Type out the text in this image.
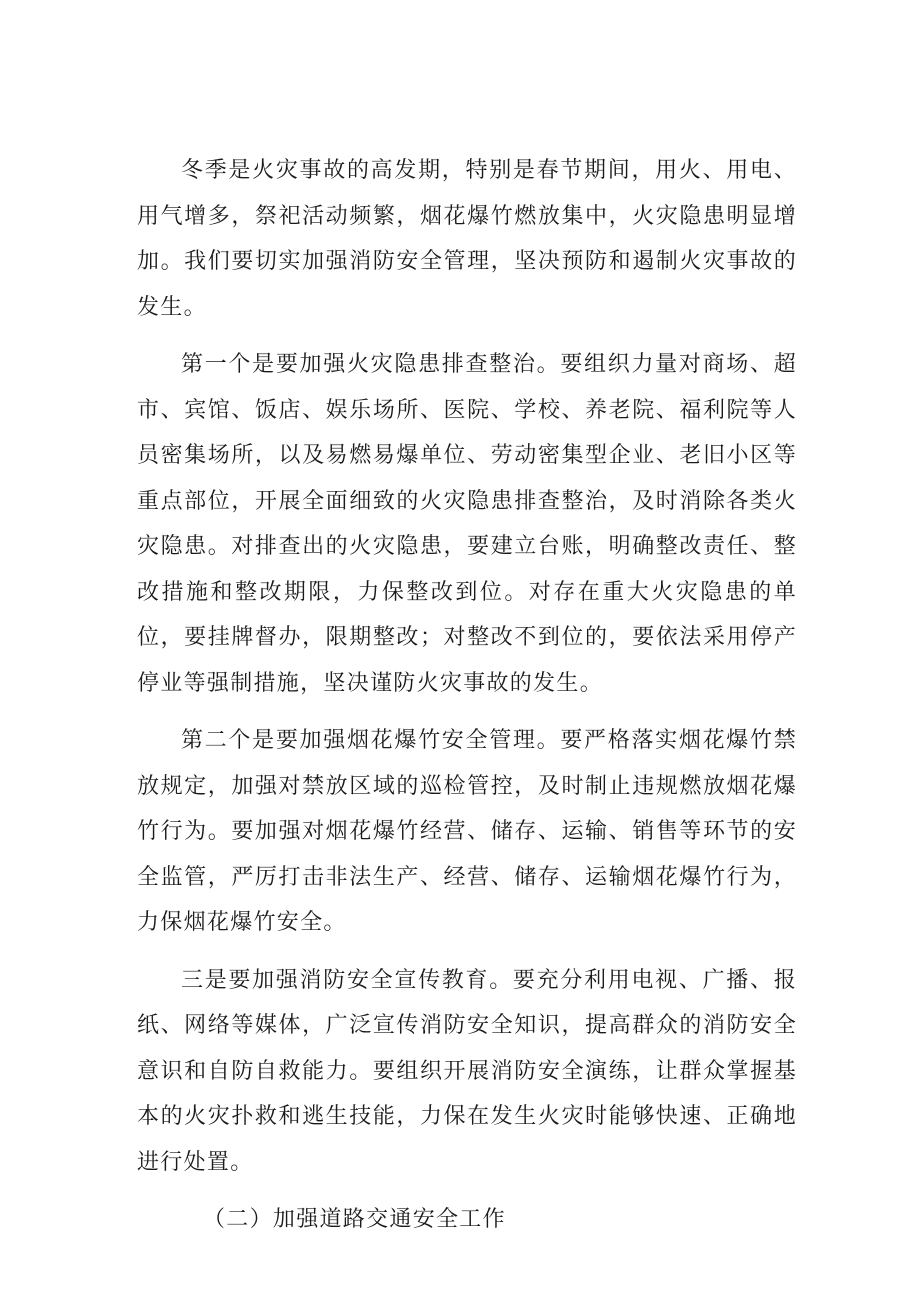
冬季是火灾事故的高发期，特别是春节期间，用火、用电、用气增多，祭祀活动频繁，烟花爆竹燃放集中，火灾隐患明显增加。我们要切实加强消防安全管理，坚决预防和遏制火灾事故的发生。

第一个是要加强火灾隐患排查整治。要组织力量对商场、超市、宾馆、饭店、娱乐场所、医院、学校、养老院、福利院等人员密集场所，以及易燃易爆单位、劳动密集型企业、老旧小区等重点部位，开展全面细致的火灾隐患排查整治，及时消除各类火灾隐患。对排查出的火灾隐患，要建立台账，明确整改责任、整改措施和整改期限，力保整改到位。对存在重大火灾隐患的单位，要挂牌督办，限期整改；对整改不到位的，要依法采用停产停业等强制措施，坚决谨防火灾事故的发生。

第二个是要加强烟花爆竹安全管理。要严格落实烟花爆竹禁放规定，加强对禁放区域的巡检管控，及时制止违规燃放烟花爆竹行为。要加强对烟花爆竹经营、储存、运输、销售等环节的安全监管，严厉打击非法生产、经营、储存、运输烟花爆竹行为，力保烟花爆竹安全。

三是要加强消防安全宣传教育。要充分利用电视、广播、报纸、网络等媒体，广泛宣传消防安全知识，提高群众的消防安全意识和自防自救能力。要组织开展消防安全演练，让群众掌握基本的火灾扑救和逃生技能，力保在发生火灾时能够快速、正确地进行处置。

（二）加强道路交通安全工作
